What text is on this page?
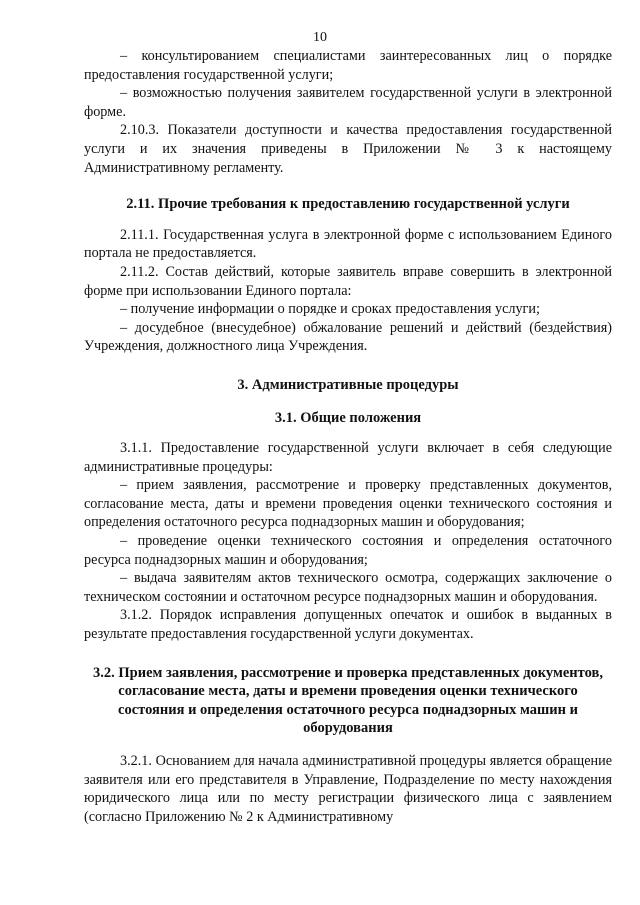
10

– консультированием специалистами заинтересованных лиц о порядке предоставления государственной услуги;

– возможностью получения заявителем государственной услуги в электронной форме.

2.10.3. Показатели доступности и качества предоставления государственной услуги и их значения приведены в Приложении № 3 к настоящему Административному регламенту.

2.11. Прочие требования к предоставлению государственной услуги

2.11.1. Государственная услуга в электронной форме с использованием Единого портала не предоставляется.

2.11.2. Состав действий, которые заявитель вправе совершить в электронной форме при использовании Единого портала:

– получение информации о порядке и сроках предоставления услуги;

– досудебное (внесудебное) обжалование решений и действий (бездействия) Учреждения, должностного лица Учреждения.

3. Административные процедуры
3.1. Общие положения

3.1.1. Предоставление государственной услуги включает в себя следующие административные процедуры:

– прием заявления, рассмотрение и проверку представленных документов, согласование места, даты и времени проведения оценки технического состояния и определения остаточного ресурса поднадзорных машин и оборудования;

– проведение оценки технического состояния и определения остаточного ресурса поднадзорных машин и оборудования;

– выдача заявителям актов технического осмотра, содержащих заключение о техническом состоянии и остаточном ресурсе поднадзорных машин и оборудования.

3.1.2. Порядок исправления допущенных опечаток и ошибок в выданных в результате предоставления государственной услуги документах.

3.2. Прием заявления, рассмотрение и проверка представленных документов, согласование места, даты и времени проведения оценки технического состояния и определения остаточного ресурса поднадзорных машин и оборудования

3.2.1. Основанием для начала административной процедуры является обращение заявителя или его представителя в Управление, Подразделение по месту нахождения юридического лица или по месту регистрации физического лица с заявлением (согласно Приложению № 2 к Административному
